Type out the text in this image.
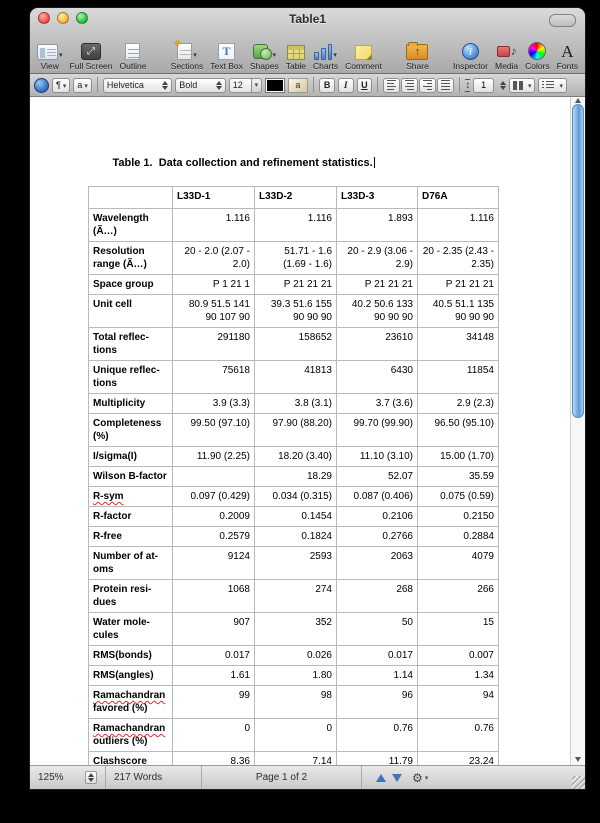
Table1
▾
View
⤢ Full Screen Outline
✚
▾
Sections
T Text Box
▾
Shapes Table
▾
Charts Comment
↑	Share
i	Inspector
♪ Media Colors
A Fonts
¶ ▾ a ▾	Helvetica	Bold	12 ▾	a	B	I	U ↕	1
▾
▾

Table 1.  Data collection and refinement statistics.

	L33D-1	L33D-2	L33D-3	D76A
Wavelength (Ã…)	1.116	1.116	1.893	1.116
Resolution range (Ã…)	20 - 2.0 (2.07 - 2.0)	51.71 - 1.6 (1.69 - 1.6)	20 - 2.9 (3.06 - 2.9)	20 - 2.35 (2.43 - 2.35)
Space group	P 1 21 1	P 21 21 21	P 21 21 21	P 21 21 21
Unit cell	80.9 51.5 141 90 107 90	39.3 51.6 155 90 90 90	40.2 50.6 133 90 90 90	40.5 51.1 135 90 90 90
Total reflections	291180	158652	23610	34148
Unique reflections	75618	41813	6430	11854
Multiplicity	3.9 (3.3)	3.8 (3.1)	3.7 (3.6)	2.9 (2.3)
Completeness (%)	99.50 (97.10)	97.90 (88.20)	99.70 (99.90)	96.50 (95.10)
I/sigma(I)	11.90 (2.25)	18.20 (3.40)	11.10 (3.10)	15.00 (1.70)
Wilson B-factor		18.29	52.07	35.59
R-sym	0.097 (0.429)	0.034 (0.315)	0.087 (0.406)	0.075 (0.59)
R-factor	0.2009	0.1454	0.2106	0.2150
R-free	0.2579	0.1824	0.2766	0.2884
Number of atoms	9124	2593	2063	4079
Protein residues	1068	274	268	266
Water molecules	907	352	50	15
RMS(bonds)	0.017	0.026	0.017	0.007
RMS(angles)	1.61	1.80	1.14	1.34
Ramachandran favored (%)	99	98	96	94
Ramachandran outliers (%)	0	0	0.76	0.76
Clashscore	8.36	7.14	11.79	23.24
125%	217 Words	Page 1 of 2
⚙ ▾
